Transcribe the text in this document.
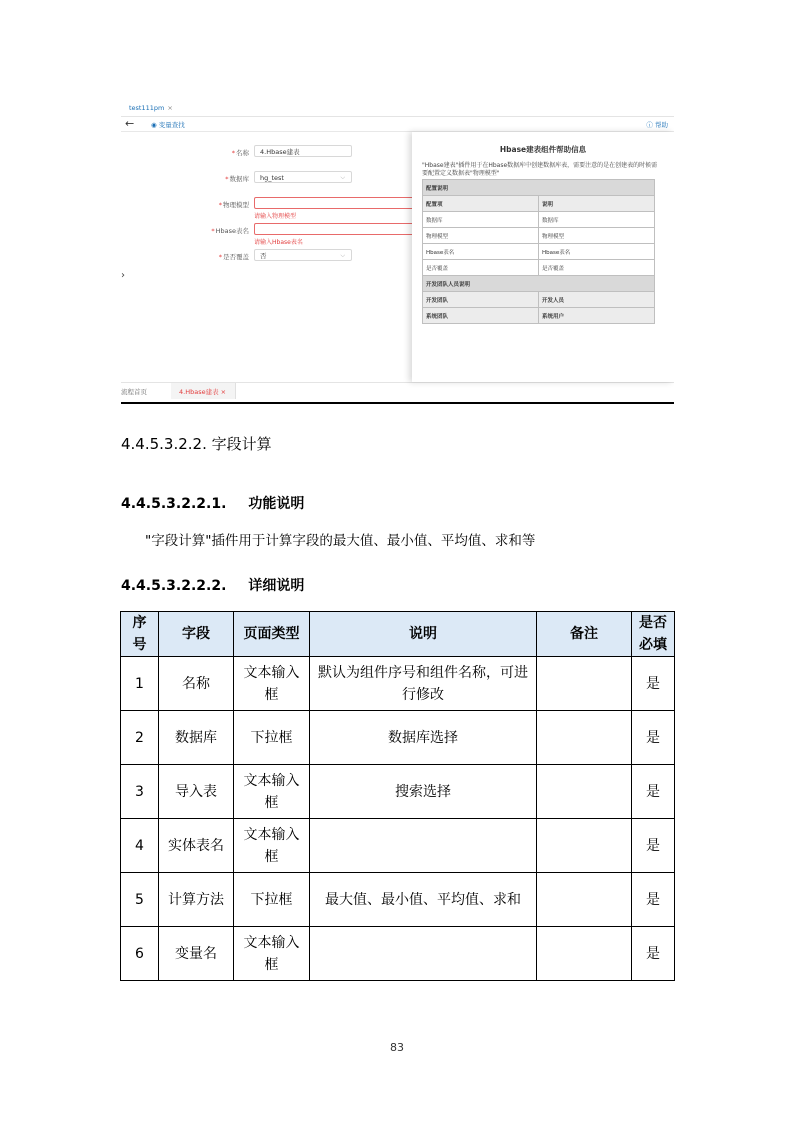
test111pm ×
←	◉ 变量查找	ⓘ 帮助
*名称	4.Hbase建表
*数据库	hg_test	⌵
*物理模型
请输入物理模型
*Hbase表名
请输入Hbase表名
*是否覆盖	否	⌵
›
流程首页	4.Hbase建表 ×
Hbase建表组件帮助信息
"Hbase建表"插件用于在Hbase数据库中创建数据库表，需要注意的是在创建表的时候需要配置定义数据表"物理模型"
配置说明	
配置项	说明
数据库	数据库
物理模型	物理模型
Hbase表名	Hbase表名
是否覆盖	是否覆盖
开发团队人员说明	
开发团队	开发人员
系统团队	系统用户
4.4.5.3.2.2. 字段计算
4.4.5.3.2.2.1. 功能说明
"字段计算"插件用于计算字段的最大值、最小值、平均值、求和等
4.4.5.3.2.2.2. 详细说明
序号	字段	页面类型	说明	备注	是否必填
1	名称	文本输入框	默认为组件序号和组件名称，可进行修改		是
2	数据库	下拉框	数据库选择		是
3	导入表	文本输入框	搜索选择		是
4	实体表名	文本输入框			是
5	计算方法	下拉框	最大值、最小值、平均值、求和		是
6	变量名	文本输入框			是
83
